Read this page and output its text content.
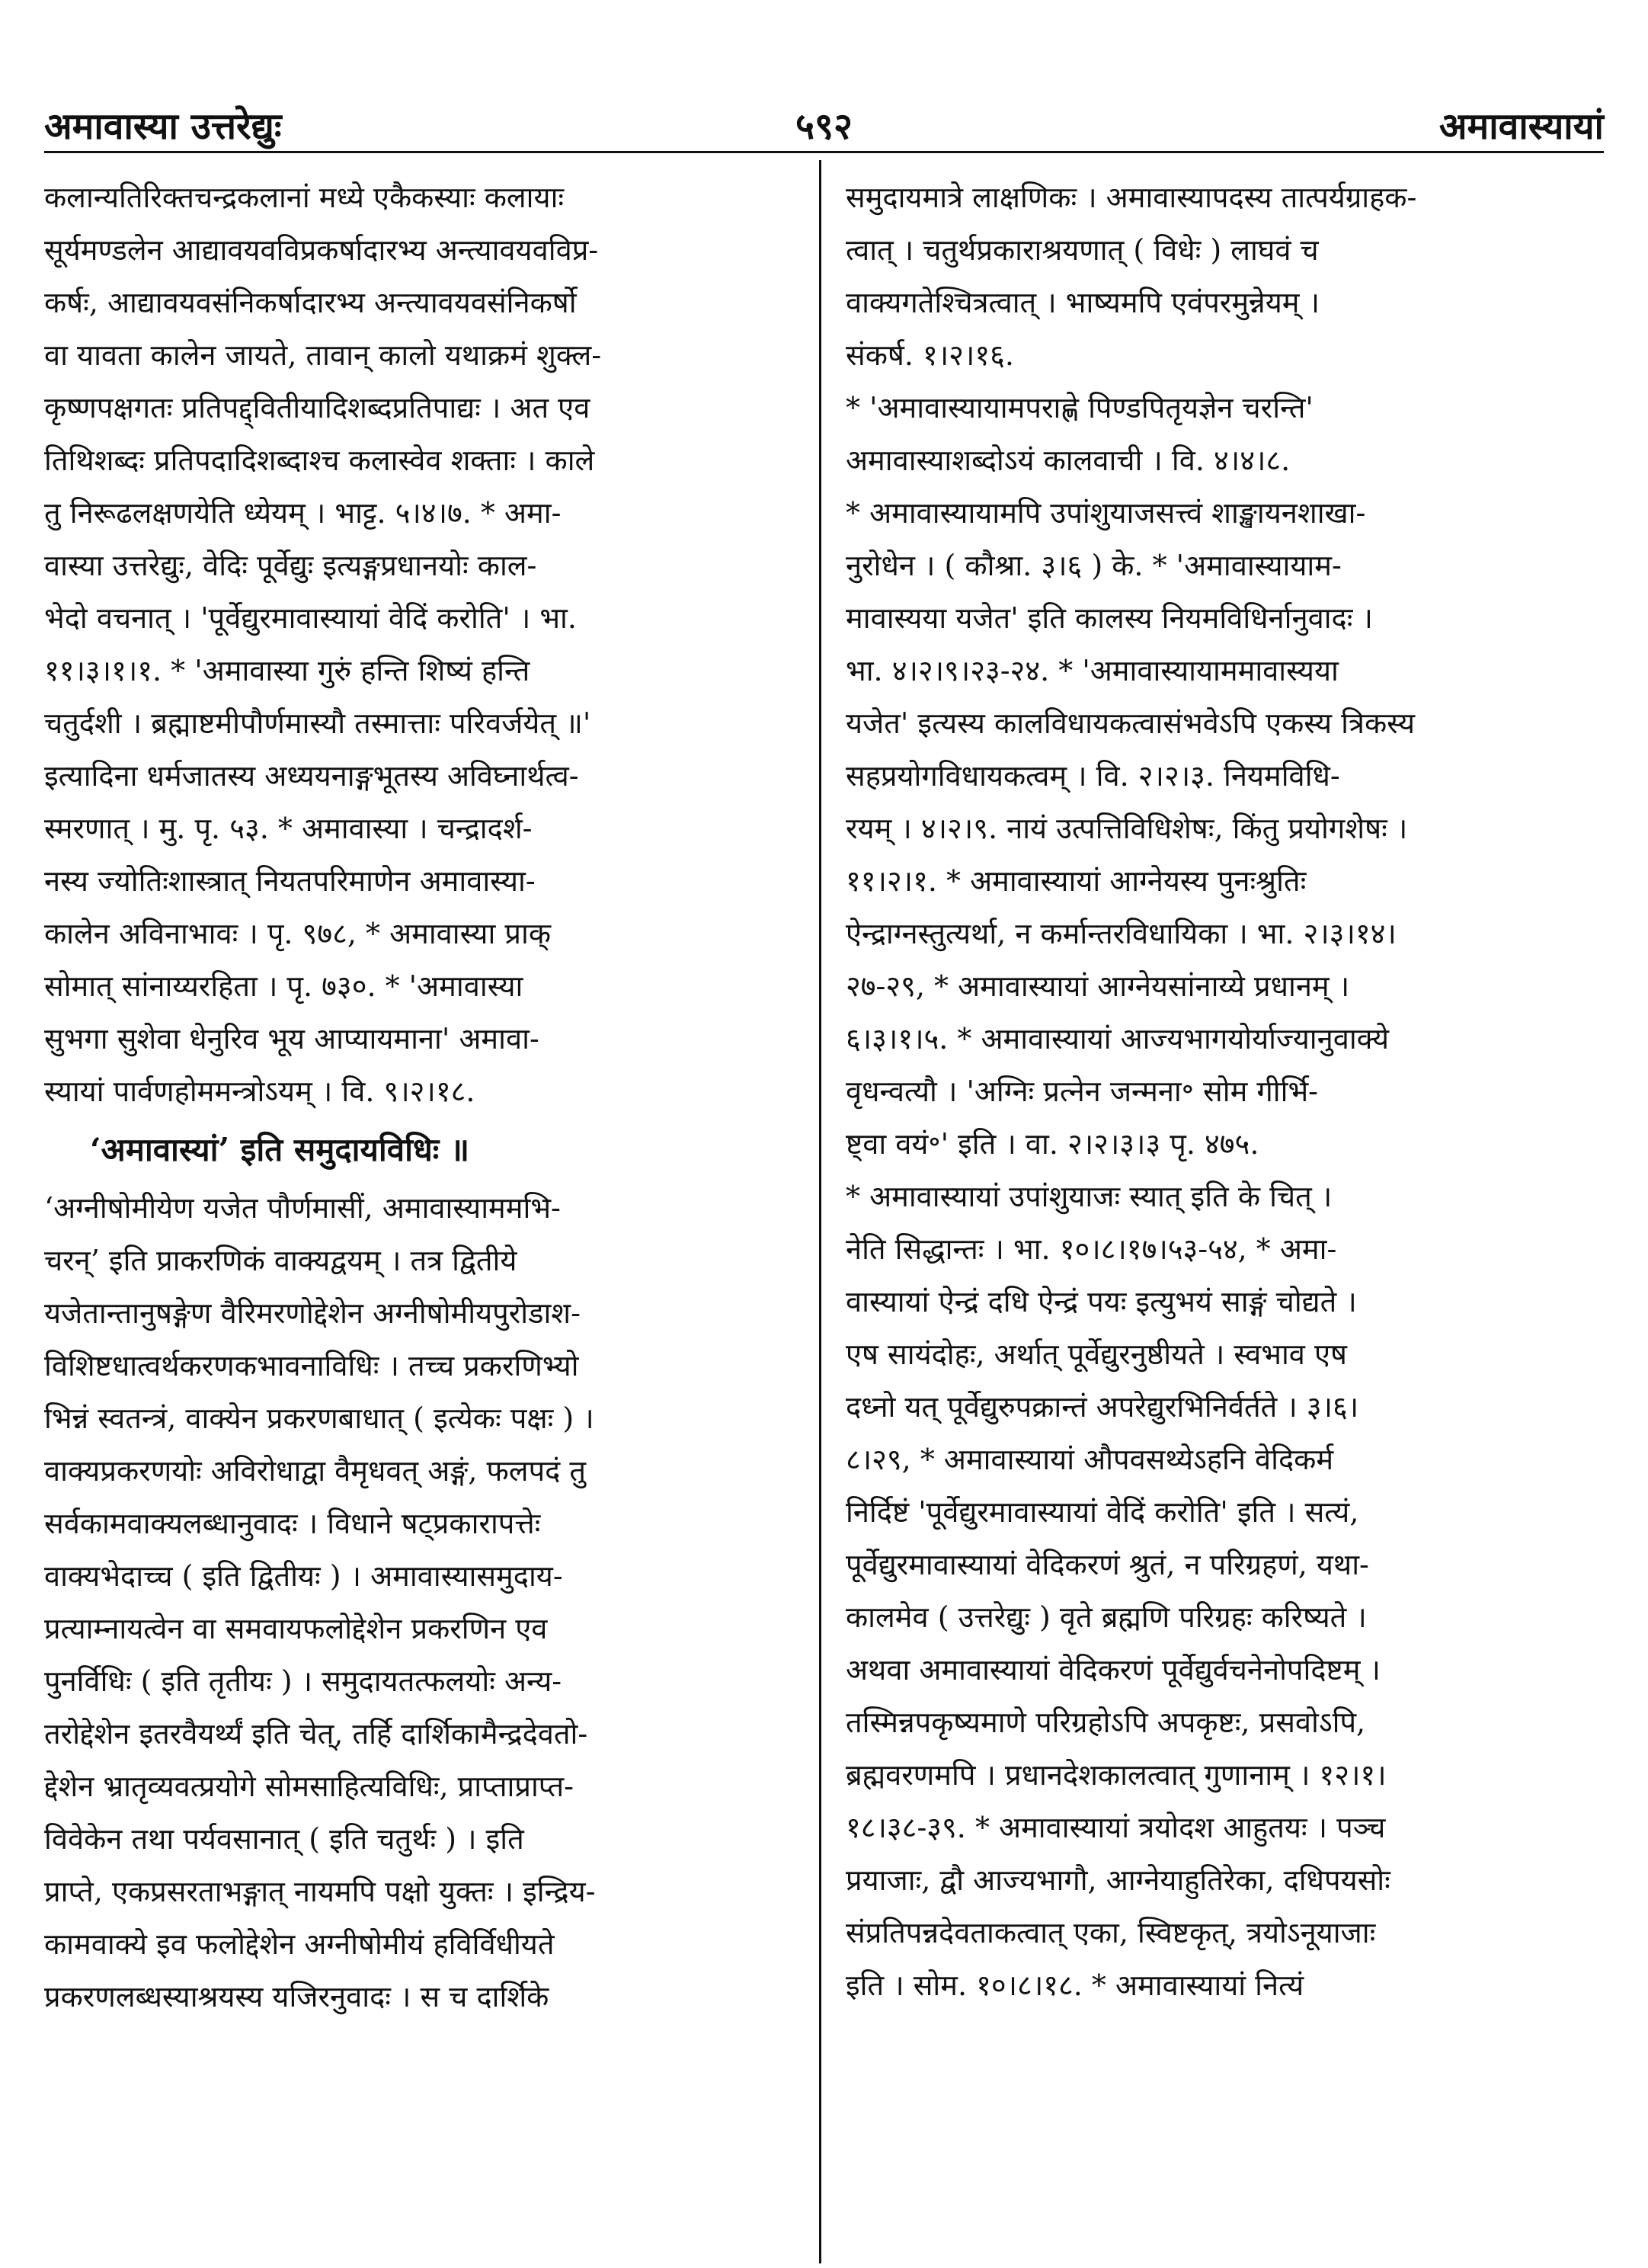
अमावास्या उत्तरेद्युः	५९२	अमावास्यायां
कलान्यतिरिक्तचन्द्रकलानां मध्ये एकैकस्याः कलायाः
सूर्यमण्डलेन आद्यावयवविप्रकर्षादारभ्य अन्त्यावयवविप्र-
कर्षः, आद्यावयवसंनिकर्षादारभ्य अन्त्यावयवसंनिकर्षो
वा यावता कालेन जायते, तावान् कालो यथाक्रमं शुक्ल-
कृष्णपक्षगतः प्रतिपद्द्वितीयादिशब्दप्रतिपाद्यः । अत एव
तिथिशब्दः प्रतिपदादिशब्दाश्च कलास्वेव शक्ताः । काले
तु निरूढलक्षणयेति ध्येयम् । भाट्ट. ५।४।७. * अमा-
वास्या उत्तरेद्युः, वेदिः पूर्वेद्युः इत्यङ्गप्रधानयोः काल-
भेदो वचनात् । 'पूर्वेद्युरमावास्यायां वेदिं करोति' । भा.
११।३।१।१. * 'अमावास्या गुरुं हन्ति शिष्यं हन्ति
चतुर्दशी । ब्रह्माष्टमीपौर्णमास्यौ तस्मात्ताः परिवर्जयेत् ॥'
इत्यादिना धर्मजातस्य अध्ययनाङ्गभूतस्य अविघ्नार्थत्व-
स्मरणात् । मु. पृ. ५३. * अमावास्या । चन्द्रादर्श-
नस्य ज्योतिःशास्त्रात् नियतपरिमाणेन अमावास्या-
कालेन अविनाभावः । पृ. ९७८, * अमावास्या प्राक्
सोमात् सांनाय्यरहिता । पृ. ७३०. * 'अमावास्या
सुभगा सुशेवा धेनुरिव भूय आप्यायमाना' अमावा-
स्यायां पार्वणहोममन्त्रोऽयम् । वि. ९।२।१८.
‘अमावास्यां’ इति समुदायविधिः ॥
‘अग्नीषोमीयेण यजेत पौर्णमासीं, अमावास्याममभि-
चरन्’ इति प्राकरणिकं वाक्यद्वयम् । तत्र द्वितीये
यजेतान्तानुषङ्गेण वैरिमरणोद्देशेन अग्नीषोमीयपुरोडाश-
विशिष्टधात्वर्थकरणकभावनाविधिः । तच्च प्रकरणिभ्यो
भिन्नं स्वतन्त्रं, वाक्येन प्रकरणबाधात् ( इत्येकः पक्षः ) ।
वाक्यप्रकरणयोः अविरोधाद्वा वैमृधवत् अङ्गं, फलपदं तु
सर्वकामवाक्यलब्धानुवादः । विधाने षट्प्रकारापत्तेः
वाक्यभेदाच्च ( इति द्वितीयः ) । अमावास्यासमुदाय-
प्रत्याम्नायत्वेन वा समवायफलोद्देशेन प्रकरणिन एव
पुनर्विधिः ( इति तृतीयः ) । समुदायतत्फलयोः अन्य-
तरोद्देशेन इतरवैयर्थ्यं इति चेत्, तर्हि दार्शिकामैन्द्रदेवतो-
द्देशेन भ्रातृव्यवत्प्रयोगे सोमसाहित्यविधिः, प्राप्ताप्राप्त-
विवेकेन तथा पर्यवसानात् ( इति चतुर्थः ) । इति
प्राप्ते, एकप्रसरताभङ्गात् नायमपि पक्षो युक्तः । इन्द्रिय-
कामवाक्ये इव फलोद्देशेन अग्नीषोमीयं हविर्विधीयते
प्रकरणलब्धस्याश्रयस्य यजिरनुवादः । स च दार्शिके
समुदायमात्रे लाक्षणिकः । अमावास्यापदस्य तात्पर्यग्राहक-
त्वात् । चतुर्थप्रकाराश्रयणात् ( विधेः ) लाघवं च
वाक्यगतेश्चित्रत्वात् । भाष्यमपि एवंपरमुन्नेयम् ।
संकर्ष. १।२।१६.
* 'अमावास्यायामपराह्णे पिण्डपितृयज्ञेन चरन्ति'
अमावास्याशब्दोऽयं कालवाची । वि. ४।४।८.
* अमावास्यायामपि उपांशुयाजसत्त्वं शाङ्खायनशाखा-
नुरोधेन । ( कौश्रा. ३।६ ) के. * 'अमावास्यायाम-
मावास्यया यजेत' इति कालस्य नियमविधिर्नानुवादः ।
भा. ४।२।९।२३-२४. * 'अमावास्यायाममावास्यया
यजेत' इत्यस्य कालविधायकत्वासंभवेऽपि एकस्य त्रिकस्य
सहप्रयोगविधायकत्वम् । वि. २।२।३. नियमविधि-
रयम् । ४।२।९. नायं उत्पत्तिविधिशेषः, किंतु प्रयोगशेषः ।
११।२।१. * अमावास्यायां आग्नेयस्य पुनःश्रुतिः
ऐन्द्राग्नस्तुत्यर्था, न कर्मान्तरविधायिका । भा. २।३।१४।
२७-२९, * अमावास्यायां आग्नेयसांनाय्ये प्रधानम् ।
६।३।१।५. * अमावास्यायां आज्यभागयोर्याज्यानुवाक्ये
वृधन्वत्यौ । 'अग्निः प्रत्नेन जन्मना॰ सोम गीर्भि-
ष्ट्वा वयं॰' इति । वा. २।२।३।३ पृ. ४७५.
* अमावास्यायां उपांशुयाजः स्यात् इति के चित् ।
नेति सिद्धान्तः । भा. १०।८।१७।५३-५४, * अमा-
वास्यायां ऐन्द्रं दधि ऐन्द्रं पयः इत्युभयं साङ्गं चोद्यते ।
एष सायंदोहः, अर्थात् पूर्वेद्युरनुष्ठीयते । स्वभाव एष
दध्नो यत् पूर्वेद्युरुपक्रान्तं अपरेद्युरभिनिर्वर्तते । ३।६।
८।२९, * अमावास्यायां औपवसथ्येऽहनि वेदिकर्म
निर्दिष्टं 'पूर्वेद्युरमावास्यायां वेदिं करोति' इति । सत्यं,
पूर्वेद्युरमावास्यायां वेदिकरणं श्रुतं, न परिग्रहणं, यथा-
कालमेव ( उत्तरेद्युः ) वृते ब्रह्मणि परिग्रहः करिष्यते ।
अथवा अमावास्यायां वेदिकरणं पूर्वेद्युर्वचनेनोपदिष्टम् ।
तस्मिन्नपकृष्यमाणे परिग्रहोऽपि अपकृष्टः, प्रसवोऽपि,
ब्रह्मवरणमपि । प्रधानदेशकालत्वात् गुणानाम् । १२।१।
१८।३८-३९. * अमावास्यायां त्रयोदश आहुतयः । पञ्च
प्रयाजाः, द्वौ आज्यभागौ, आग्नेयाहुतिरेका, दधिपयसोः
संप्रतिपन्नदेवताकत्वात् एका, स्विष्टकृत्, त्रयोऽनूयाजाः
इति । सोम. १०।८।१८. * अमावास्यायां नित्यं
